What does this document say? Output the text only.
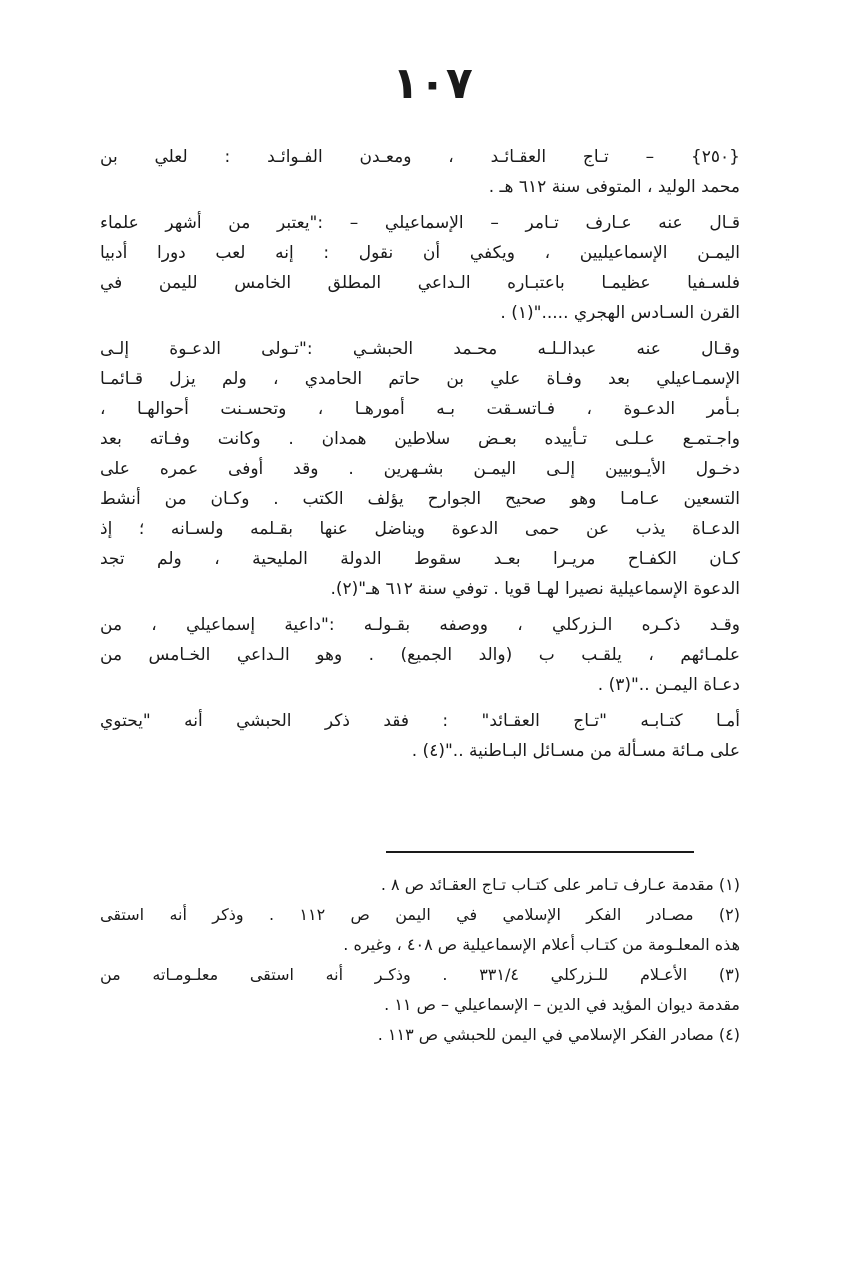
١٠٧
{٢٥٠} – تـاج العقـائـد ، ومعـدن الفـوائـد : لعلي بن
محمد الوليد ، المتوفى سنة ٦١٢ هـ .
قـال عنه عـارف تـامر – الإسماعيلي – :"يعتبر من أشهر علماء
اليمـن الإسماعيليين ، ويكفي أن نقول : إنه لعب دورا أدبيا
فلسـفيا عظيمـا باعتبـاره الـداعي المطلق الخامس لليمن في
القرن السـادس الهجري ....."(١) .
وقـال عنه عبدالـلـه محـمد الحبشـي :"تـولى الدعـوة إلـى
الإسمـاعيلي بعد وفـاة علي بن حاتم الحامدي ، ولم يزل قـائمـا
بـأمر الدعـوة ، فـاتسـقت بـه أمورهـا ، وتحسـنت أحوالهـا ،
واجـتمـع عـلـى تـأييده بعـض سلاطين همدان . وكانت وفـاته بعد
دخـول الأيـوبيين إلـى اليمـن بشـهرين . وقد أوفى عمره على
التسعين عـامـا وهو صحيح الجوارح يؤلف الكتب . وكـان من أنشط
الدعـاة يذب عن حمى الدعوة ويناضل عنها بقـلمه ولسـانه ؛ إذ
كـان الكفـاح مريـرا بعـد سقوط الدولة المليحية ، ولم تجد
الدعوة الإسماعيلية نصيرا لهـا قويا . توفي سنة ٦١٢ هـ"(٢).
وقـد ذكـره الـزركلي ، ووصفه بقـولـه :"داعية إسماعيلي ، من
علمـائهم ، يلقـب ب (والد الجميع) . وهو الـداعي الخـامس من
دعـاة اليمـن .."(٣) .
أمـا كتـابـه "تـاج العقـائد" : فقد ذكر الحبشي أنه "يحتوي
على مـائة مسـألة من مسـائل البـاطنية .."(٤) .
(١) مقدمة عـارف تـامر على كتـاب تـاج العقـائد ص ٨ .
(٢) مصـادر الفكر الإسلامي في اليمن ص ١١٢ . وذكر أنه استقى
هذه المعلـومة من كتـاب أعلام الإسماعيلية ص ٤٠٨ ، وغيره .
(٣) الأعـلام للـزركلي ٣٣١/٤ . وذكـر أنه استقى معلـومـاته من
مقدمة ديوان المؤيد في الدين – الإسماعيلي – ص ١١ .
(٤) مصادر الفكر الإسلامي في اليمن للحبشي ص ١١٣ .
